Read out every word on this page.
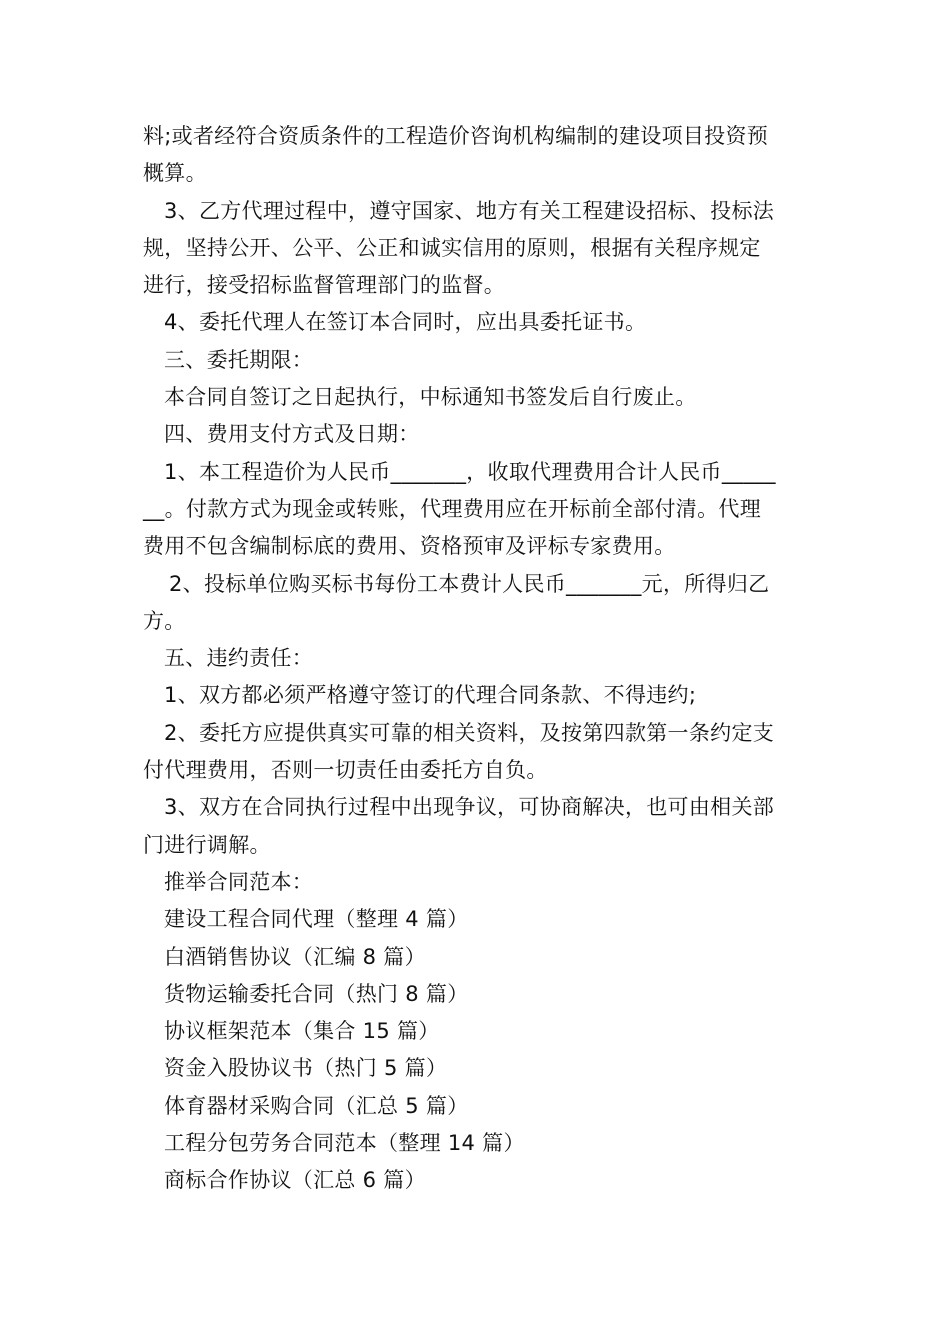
料;或者经符合资质条件的工程造价咨询机构编制的建设项目投资预
概算。
3、乙方代理过程中，遵守国家、地方有关工程建设招标、投标法
规，坚持公开、公平、公正和诚实信用的原则，根据有关程序规定
进行，接受招标监督管理部门的监督。
4、委托代理人在签订本合同时，应出具委托证书。
三、委托期限：
本合同自签订之日起执行，中标通知书签发后自行废止。
四、费用支付方式及日期：
1、本工程造价为人民币_______，收取代理费用合计人民币_____
__。付款方式为现金或转账，代理费用应在开标前全部付清。代理
费用不包含编制标底的费用、资格预审及评标专家费用。
2、投标单位购买标书每份工本费计人民币_______元，所得归乙
方。
五、违约责任：
1、双方都必须严格遵守签订的代理合同条款、不得违约;
2、委托方应提供真实可靠的相关资料，及按第四款第一条约定支
付代理费用，否则一切责任由委托方自负。
3、双方在合同执行过程中出现争议，可协商解决，也可由相关部
门进行调解。
推举合同范本：
建设工程合同代理（整理 4 篇）
白酒销售协议（汇编 8 篇）
货物运输委托合同（热门 8 篇）
协议框架范本（集合 15 篇）
资金入股协议书（热门 5 篇）
体育器材采购合同（汇总 5 篇）
工程分包劳务合同范本（整理 14 篇）
商标合作协议（汇总 6 篇）
